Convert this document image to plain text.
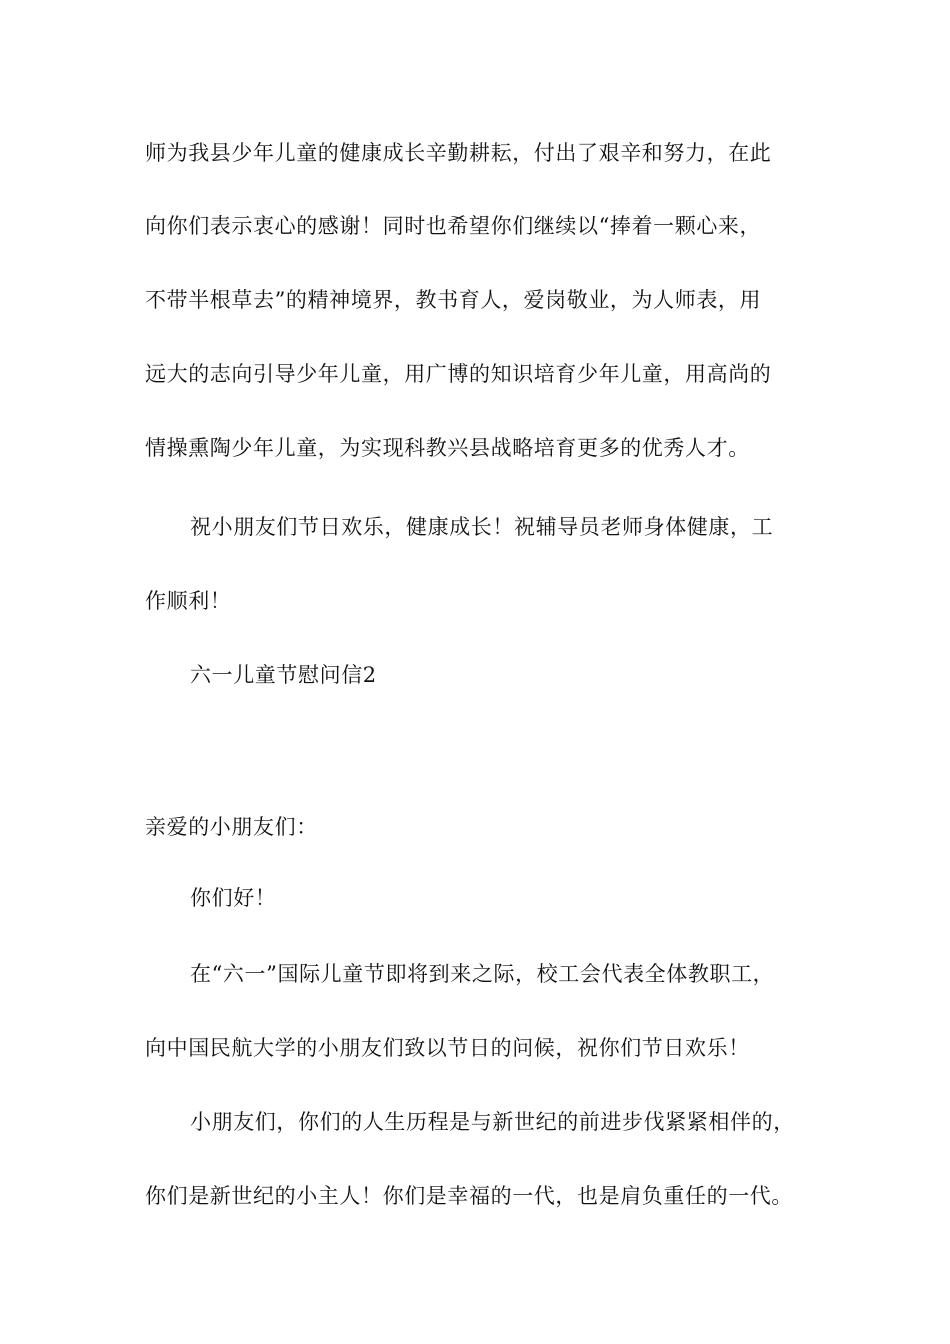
师为我县少年儿童的健康成长辛勤耕耘，付出了艰辛和努力，在此
向你们表示衷心的感谢！同时也希望你们继续以“捧着一颗心来，
不带半根草去”的精神境界，教书育人，爱岗敬业，为人师表，用
远大的志向引导少年儿童，用广博的知识培育少年儿童，用高尚的
情操熏陶少年儿童，为实现科教兴县战略培育更多的优秀人才。
祝小朋友们节日欢乐，健康成长！祝辅导员老师身体健康，工
作顺利！
六一儿童节慰问信2
亲爱的小朋友们：
你们好！
在“六一”国际儿童节即将到来之际，校工会代表全体教职工，
向中国民航大学的小朋友们致以节日的问候，祝你们节日欢乐！
小朋友们，你们的人生历程是与新世纪的前进步伐紧紧相伴的，
你们是新世纪的小主人！你们是幸福的一代，也是肩负重任的一代。
